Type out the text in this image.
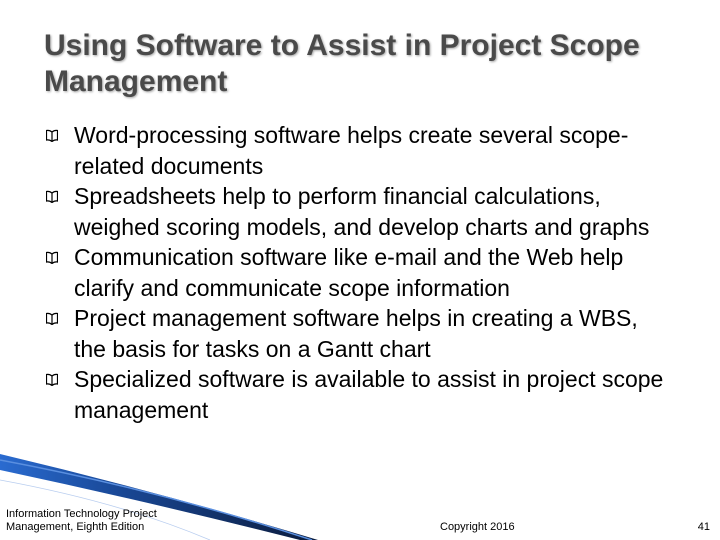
Using Software to Assist in Project Scope Management
Word-processing software helps create several scope-related documents
Spreadsheets help to perform financial calculations, weighed scoring models, and develop charts and graphs
Communication software like e-mail and the Web help clarify and communicate scope information
Project management software helps in creating a WBS, the basis for tasks on a Gantt chart
Specialized software is available to assist in project scope management
Information Technology Project Management, Eighth Edition	Copyright 2016	41
